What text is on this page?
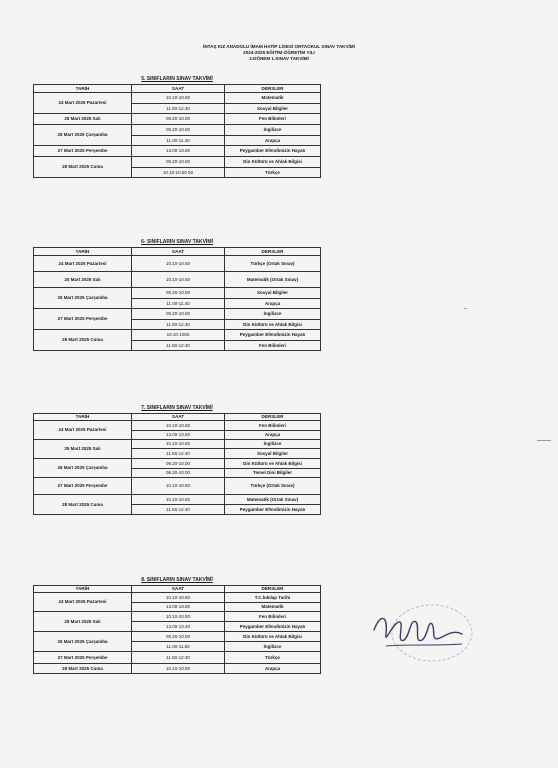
İNTAŞ KIZ ANADOLU İMAM HATİP LİSESİ ORTAOKUL SINAV TAKVİMİ
2024-2025 EĞİTİM-ÖĞRETİM YILI
2.DÖNEM 1.SINAV TAKVİMİ
5. SINIFLARIN SINAV TAKVİMİ		
TARİH	SAAT	DERSLER
24 Mart 2025 Pazartesi	10.10-10.50	Matematik
	11.50-12.30	Sosyal Bilgiler
25 Mart 2025 Salı	09.20-10.00	Fen Bilimleri
26 Mart 2025 Çarşamba	09.20-10.00	İngilizce
	11.00-11.40	Arapça
27 Mart 2025 Perşembe	13.00-13.50	Peygamber Efendimizin Hayatı
28 Mart 2025 Cuma	09.20-10.00	Din Kültürü ve Ahlak Bilgisi
	10.10-10.50 50	Türkçe
6- SINIFLARIN SINAV TAKVİMİ		
TARİH	SAAT	DERSLER
24 Mart 2025 Pazartesi	10.10-10.50	Türkçe (Ortak Sınav)
25 Mart 2025 Salı	10.10-10.50	Matematik (Ortak Sınav)
26 Mart 2025 Çarşamba	09.20-10.00	Sosyal Bilgiler
	11.00-11.40	Arapça
27 Mart 2025 Perşembe	09.20-10.00	İngilizce
	11.50-12.30	Din Kültürü ve Ahlak Bilgisi
28 Mart 2025 Cuma	10.10-1050	Peygamber Efendimizin Hayatı
	11.50-12.30	Fen Bilimleri
7. SINIFLARIN SINAV TAKVİMİ		
TARİH	SAAT	DERSLER
24 Mart 2025 Pazartesi	10.10-10.50	Fen Bilimleri
	13.00-13.50	Arapça
25 Mart 2025 Salı	10.10-10.50	İngilizce
	11.50-12.30	Sosyal Bilgiler
26 Mart 2025 Çarşamba	09.20-10.00	Din Kültürü ve Ahlak Bilgisi
	09.20-10.00	Temel Dini Bilgiler
27 Mart 2025 Perşembe	10.10-10.50	Türkçe (Ortak Sınav)
28 Mart 2025 Cuma	10.10-10.50	Matematik (Ortak Sınav)
	11.50-12.30	Peygamber Efendimizin Hayatı
8. SINIFLARIN SINAV TAKVİMİ		
TARİH	SAAT	DERSLER
24 Mart 2025 Pazartesi	10.10-10.50	T.C.İnkılap Tarihi
	13.00-13.50	Matematik
25 Mart 2025 Salı	10.10-10.50	Fen Bilimleri
	13.00-13.40	Peygamber Efendimizin Hayatı
26 Mart 2025 Çarşamba	09.20-10.00	Din Kültürü ve Ahlak Bilgisi
	11.00-11.50	İngilizce
27 Mart 2025 Perşembe	11.50-12.30	Türkçe
28 Mart 2025 Cuma	10.10-10.50	Arapça
